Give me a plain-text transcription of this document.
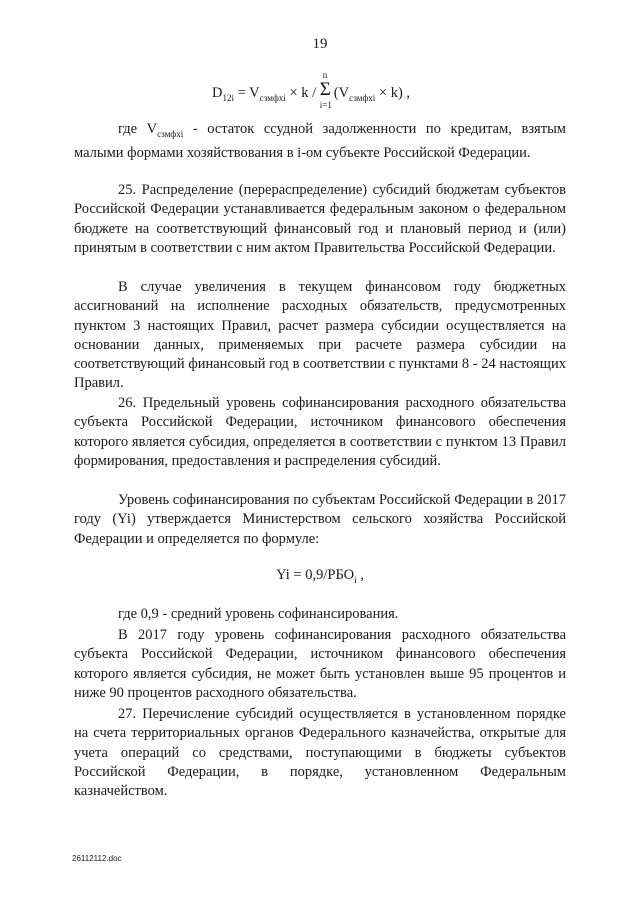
19
$D_{12i} = V_{сзмфхi} \times k$ /
n
Σ
i=1
$(V_{сзмфхi} \times k)$ ,

где $V_{сзмфхi}$ - остаток ссудной задолженности по кредитам, взятым малыми формами хозяйствования в i-ом субъекте Российской Федерации.

25. Распределение (перераспределение) субсидий бюджетам субъектов Российской Федерации устанавливается федеральным законом о федеральном бюджете на соответствующий финансовый год и плановый период и (или) принятым в соответствии с ним актом Правительства Российской Федерации.

В случае увеличения в текущем финансовом году бюджетных ассигнований на исполнение расходных обязательств, предусмотренных пунктом 3 настоящих Правил, расчет размера субсидии осуществляется на основании данных, применяемых при расчете размера субсидии на соответствующий финансовый год в соответствии с пунктами 8 - 24 настоящих Правил.

26. Предельный уровень софинансирования расходного обязательства субъекта Российской Федерации, источником финансового обеспечения которого является субсидия, определяется в соответствии с пунктом 13 Правил формирования, предоставления и распределения субсидий.

Уровень софинансирования по субъектам Российской Федерации в 2017 году (Yi) утверждается Министерством сельского хозяйства Российской Федерации и определяется по формуле:

$Yi = 0,9/РБО_i$ ,

где 0,9 - средний уровень софинансирования.

В 2017 году уровень софинансирования расходного обязательства субъекта Российской Федерации, источником финансового обеспечения которого является субсидия, не может быть установлен выше 95 процентов и ниже 90 процентов расходного обязательства.

27. Перечисление субсидий осуществляется в установленном порядке на счета территориальных органов Федерального казначейства, открытые для учета операций со средствами, поступающими в бюджеты субъектов Российской Федерации, в порядке, установленном Федеральным казначейством.

26112112.doc
